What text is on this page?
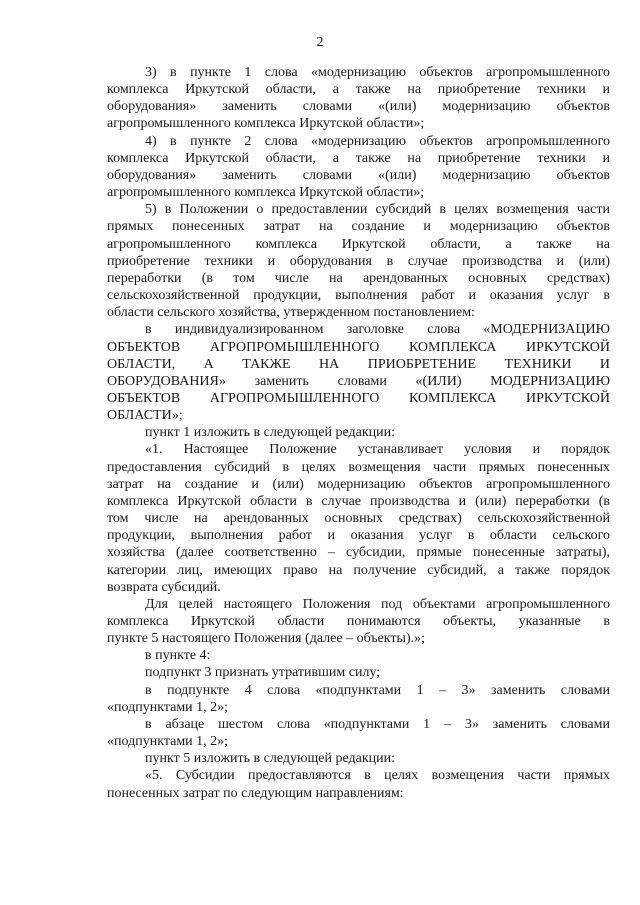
2
3) в пункте 1 слова «модернизацию объектов агропромышленного
комплекса Иркутской области, а также на приобретение техники и
оборудования» заменить словами «(или) модернизацию объектов
агропромышленного комплекса Иркутской области»;
4) в пункте 2 слова «модернизацию объектов агропромышленного
комплекса Иркутской области, а также на приобретение техники и
оборудования» заменить словами «(или) модернизацию объектов
агропромышленного комплекса Иркутской области»;
5) в Положении о предоставлении субсидий в целях возмещения части
прямых понесенных затрат на создание и модернизацию объектов
агропромышленного комплекса Иркутской области, а также на
приобретение техники и оборудования в случае производства и (или)
переработки (в том числе на арендованных основных средствах)
сельскохозяйственной продукции, выполнения работ и оказания услуг в
области сельского хозяйства, утвержденном постановлением:
в индивидуализированном заголовке слова «МОДЕРНИЗАЦИЮ
ОБЪЕКТОВ АГРОПРОМЫШЛЕННОГО КОМПЛЕКСА ИРКУТСКОЙ
ОБЛАСТИ, А ТАКЖЕ НА ПРИОБРЕТЕНИЕ ТЕХНИКИ И
ОБОРУДОВАНИЯ» заменить словами «(ИЛИ) МОДЕРНИЗАЦИЮ
ОБЪЕКТОВ АГРОПРОМЫШЛЕННОГО КОМПЛЕКСА ИРКУТСКОЙ
ОБЛАСТИ»;
пункт 1 изложить в следующей редакции:
«1. Настоящее Положение устанавливает условия и порядок
предоставления субсидий в целях возмещения части прямых понесенных
затрат на создание и (или) модернизацию объектов агропромышленного
комплекса Иркутской области в случае производства и (или) переработки (в
том числе на арендованных основных средствах) сельскохозяйственной
продукции, выполнения работ и оказания услуг в области сельского
хозяйства (далее соответственно – субсидии, прямые понесенные затраты),
категории лиц, имеющих право на получение субсидий, а также порядок
возврата субсидий.
Для целей настоящего Положения под объектами агропромышленного
комплекса Иркутской области понимаются объекты, указанные в
пункте 5 настоящего Положения (далее – объекты).»;
в пункте 4:
подпункт 3 признать утратившим силу;
в подпункте 4 слова «подпунктами 1 – 3» заменить словами
«подпунктами 1, 2»;
в абзаце шестом слова «подпунктами 1 – 3» заменить словами
«подпунктами 1, 2»;
пункт 5 изложить в следующей редакции:
«5. Субсидии предоставляются в целях возмещения части прямых
понесенных затрат по следующим направлениям:
